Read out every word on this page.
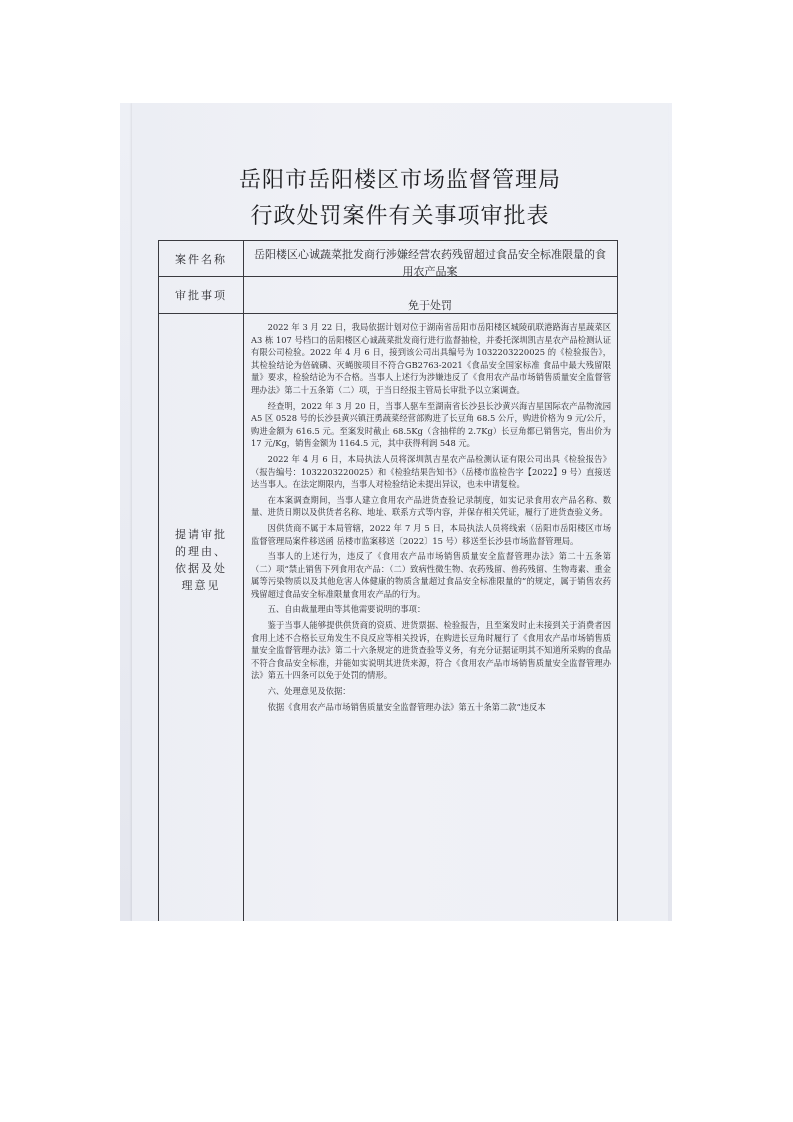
岳阳市岳阳楼区市场监督管理局
行政处罚案件有关事项审批表
案件名称	岳阳楼区心诚蔬菜批发商行涉嫌经营农药残留超过食品安全标准限量的食用农产品案
审批事项
免于处罚
提请审批的理由、依据及处理意见

2022 年 3 月 22 日，我局依据计划对位于湖南省岳阳市岳阳楼区城陵矶联港路海吉星蔬菜区 A3 栋 107 号档口的岳阳楼区心诚蔬菜批发商行进行监督抽检，并委托深圳凯吉星农产品检测认证有限公司检验。2022 年 4 月 6 日，接到该公司出具编号为 1032203220025 的《检验报告》，其检验结论为倍硫磷、灭蝇胺项目不符合GB2763-2021《食品安全国家标准 食品中最大残留限量》要求，检验结论为不合格。当事人上述行为涉嫌违反了《食用农产品市场销售质量安全监督管理办法》第二十五条第（二）项，于当日经报主管局长审批予以立案调查。

经查明，2022 年 3 月 20 日，当事人驱车至湖南省长沙县长沙黄兴海吉星国际农产品物流园 A5 区 0528 号的长沙县黄兴镇汪勇蔬菜经营部购进了长豆角 68.5 公斤，购进价格为 9 元/公斤，购进金额为 616.5 元。至案发时截止 68.5Kg（含抽样的 2.7Kg）长豆角都已销售完，售出价为 17 元/Kg，销售金额为 1164.5 元，其中获得利润 548 元。

2022 年 4 月 6 日，本局执法人员将深圳凯吉星农产品检测认证有限公司出具《检验报告》（报告编号：1032203220025）和《检验结果告知书》（岳楼市监检告字【2022】9 号）直接送达当事人。在法定期限内，当事人对检验结论未提出异议，也未申请复检。

在本案调查期间，当事人建立食用农产品进货查验记录制度，如实记录食用农产品名称、数量、进货日期以及供货者名称、地址、联系方式等内容，并保存相关凭证，履行了进货查验义务。

因供货商不属于本局管辖，2022 年 7 月 5 日，本局执法人员将线索（岳阳市岳阳楼区市场监督管理局案件移送函 岳楼市监案移送〔2022〕15 号）移送至长沙县市场监督管理局。

当事人的上述行为，违反了《食用农产品市场销售质量安全监督管理办法》第二十五条第（二）项“禁止销售下列食用农产品：（二）致病性微生物、农药残留、兽药残留、生物毒素、重金属等污染物质以及其他危害人体健康的物质含量超过食品安全标准限量的”的规定，属于销售农药残留超过食品安全标准限量食用农产品的行为。

五、自由裁量理由等其他需要说明的事项：

鉴于当事人能够提供供货商的资质、进货票据、检验报告，且至案发时止未接到关于消费者因食用上述不合格长豆角发生不良反应等相关投诉，在购进长豆角时履行了《食用农产品市场销售质量安全监督管理办法》第二十六条规定的进货查验等义务，有充分证据证明其不知道所采购的食品不符合食品安全标准，并能如实说明其进货来源，符合《食用农产品市场销售质量安全监督管理办法》第五十四条可以免于处罚的情形。

六、处理意见及依据：

依据《食用农产品市场销售质量安全监督管理办法》第五十条第二款“违反本
